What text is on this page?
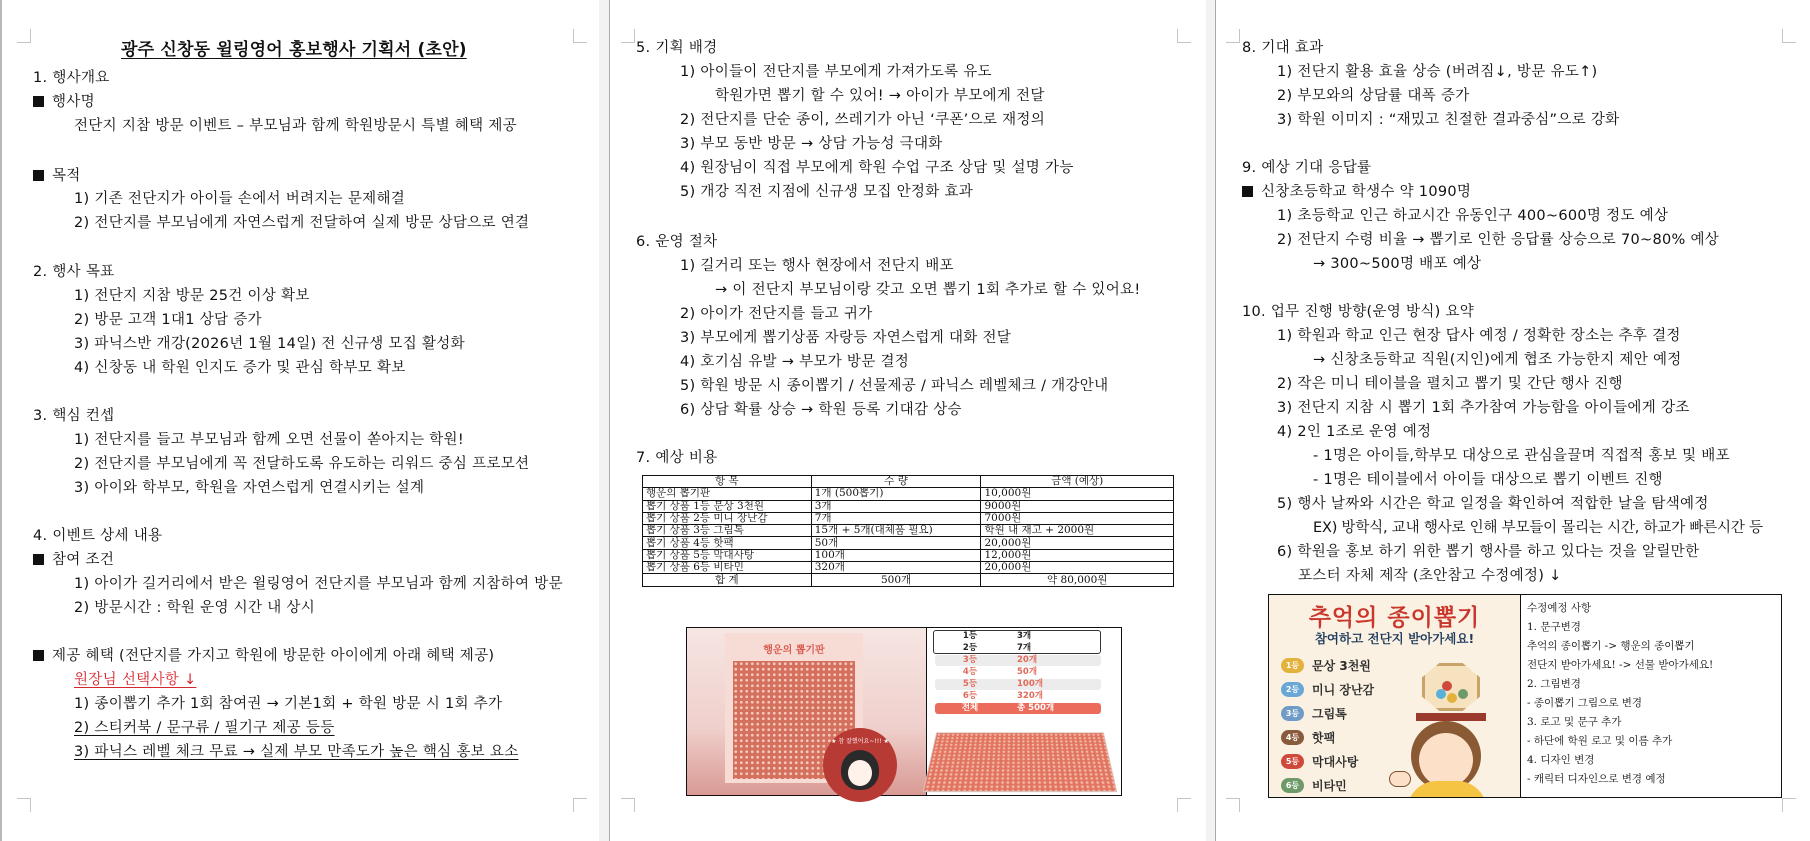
광주 신창동 윌링영어 홍보행사 기획서 (초안)
1. 행사개요
행사명
전단지 지참 방문 이벤트 – 부모님과 함께 학원방문시 특별 혜택 제공
목적
1) 기존 전단지가 아이들 손에서 버려지는 문제해결
2) 전단지를 부모님에게 자연스럽게 전달하여 실제 방문 상담으로 연결
2. 행사 목표
1) 전단지 지참 방문 25건 이상 확보
2) 방문 고객 1대1 상담 증가
3) 파닉스반 개강(2026년 1월 14일) 전 신규생 모집 활성화
4) 신창동 내 학원 인지도 증가 및 관심 학부모 확보
3. 핵심 컨셉
1) 전단지를 들고 부모님과 함께 오면 선물이 쏟아지는 학원!
2) 전단지를 부모님에게 꼭 전달하도록 유도하는 리워드 중심 프로모션
3) 아이와 학부모, 학원을 자연스럽게 연결시키는 설계
4. 이벤트 상세 내용
참여 조건
1) 아이가 길거리에서 받은 윌링영어 전단지를 부모님과 함께 지참하여 방문
2) 방문시간 : 학원 운영 시간 내 상시
제공 혜택 (전단지를 가지고 학원에 방문한 아이에게 아래 혜택 제공)
원장님 선택사항 ↓
1) 종이뽑기 추가 1회 참여권 → 기본1회 + 학원 방문 시 1회 추가
2) 스티커북 / 문구류 / 필기구 제공 등등
3) 파닉스 레벨 체크 무료 → 실제 부모 만족도가 높은 핵심 홍보 요소
5. 기획 배경
1) 아이들이 전단지를 부모에게 가져가도록 유도
학원가면 뽑기 할 수 있어! → 아이가 부모에게 전달
2) 전단지를 단순 종이, 쓰레기가 아닌 ‘쿠폰’으로 재정의
3) 부모 동반 방문 → 상담 가능성 극대화
4) 원장님이 직접 부모에게 학원 수업 구조 상담 및 설명 가능
5) 개강 직전 지점에 신규생 모집 안정화 효과
6. 운영 절차
1) 길거리 또는 행사 현장에서 전단지 배포
→ 이 전단지 부모님이랑 갖고 오면 뽑기 1회 추가로 할 수 있어요!
2) 아이가 전단지를 들고 귀가
3) 부모에게 뽑기상품 자랑등 자연스럽게 대화 전달
4) 호기심 유발 → 부모가 방문 결정
5) 학원 방문 시 종이뽑기 / 선물제공 / 파닉스 레벨체크 / 개강안내
6) 상담 확률 상승 → 학원 등록 기대감 상승
7. 예상 비용
항 목	수 량	금액 (예상)
행운의 뽑기판	1개 (500뽑기)	10,000원
뽑기 상품 1등 문상 3천원	3개	9000원
뽑기 상품 2등 미니 장난감	7개	7000원
뽑기 상품 3등 그림톡	15개 + 5개(대체품 필요)	학원 내 재고 + 2000원
뽑기 상품 4등 핫팩	50개	20,000원
뽑기 상품 5등 막대사탕	100개	12,000원
뽑기 상품 6등 비타민	320개	20,000원
합 계	500개	약 80,000원
행운의 뽑기판
★ 참 잘했어요~!!! ★
1등	3개
2등	7개
3등	20개
4등	50개
5등	100개
6등	320개
전체	총 500개
8. 기대 효과
1) 전단지 활용 효율 상승 (버려짐↓, 방문 유도↑)
2) 부모와의 상담률 대폭 증가
3) 학원 이미지 : “재밌고 친절한 결과중심”으로 강화
9. 예상 기대 응답률
신창초등학교 학생수 약 1090명
1) 초등학교 인근 하교시간 유동인구 400~600명 정도 예상
2) 전단지 수령 비율 → 뽑기로 인한 응답률 상승으로 70~80% 예상
→ 300~500명 배포 예상
10. 업무 진행 방향(운영 방식) 요약
1) 학원과 학교 인근 현장 답사 예정 / 정확한 장소는 추후 결정
→ 신창초등학교 직원(지인)에게 협조 가능한지 제안 예정
2) 작은 미니 테이블을 펼치고 뽑기 및 간단 행사 진행
3) 전단지 지참 시 뽑기 1회 추가참여 가능함을 아이들에게 강조
4) 2인 1조로 운영 예정
- 1명은 아이들,학부모 대상으로 관심을끌며 직접적 홍보 및 배포
- 1명은 테이블에서 아이들 대상으로 뽑기 이벤트 진행
5) 행사 날짜와 시간은 학교 일정을 확인하여 적합한 날을 탐색예정
EX) 방학식, 교내 행사로 인해 부모들이 몰리는 시간, 하교가 빠른시간 등
6) 학원을 홍보 하기 위한 뽑기 행사를 하고 있다는 것을 알릴만한
포스터 자체 제작 (초안참고 수정예정) ↓
추억의 종이뽑기
참여하고 전단지 받아가세요!
1등	문상 3천원
2등	미니 장난감
3등	그림톡
4등	핫팩
5등	막대사탕
6등	비타민
수정예정 사항
1. 문구변경
추억의 종이뽑기 -> 행운의 종이뽑기
전단지 받아가세요! -> 선물 받아가세요!
2. 그림변경
- 종이뽑기 그림으로 변경
3. 로고 및 문구 추가
- 하단에 학원 로고 및 이름 추가
4. 디자인 변경
- 캐릭터 디자인으로 변경 예정
